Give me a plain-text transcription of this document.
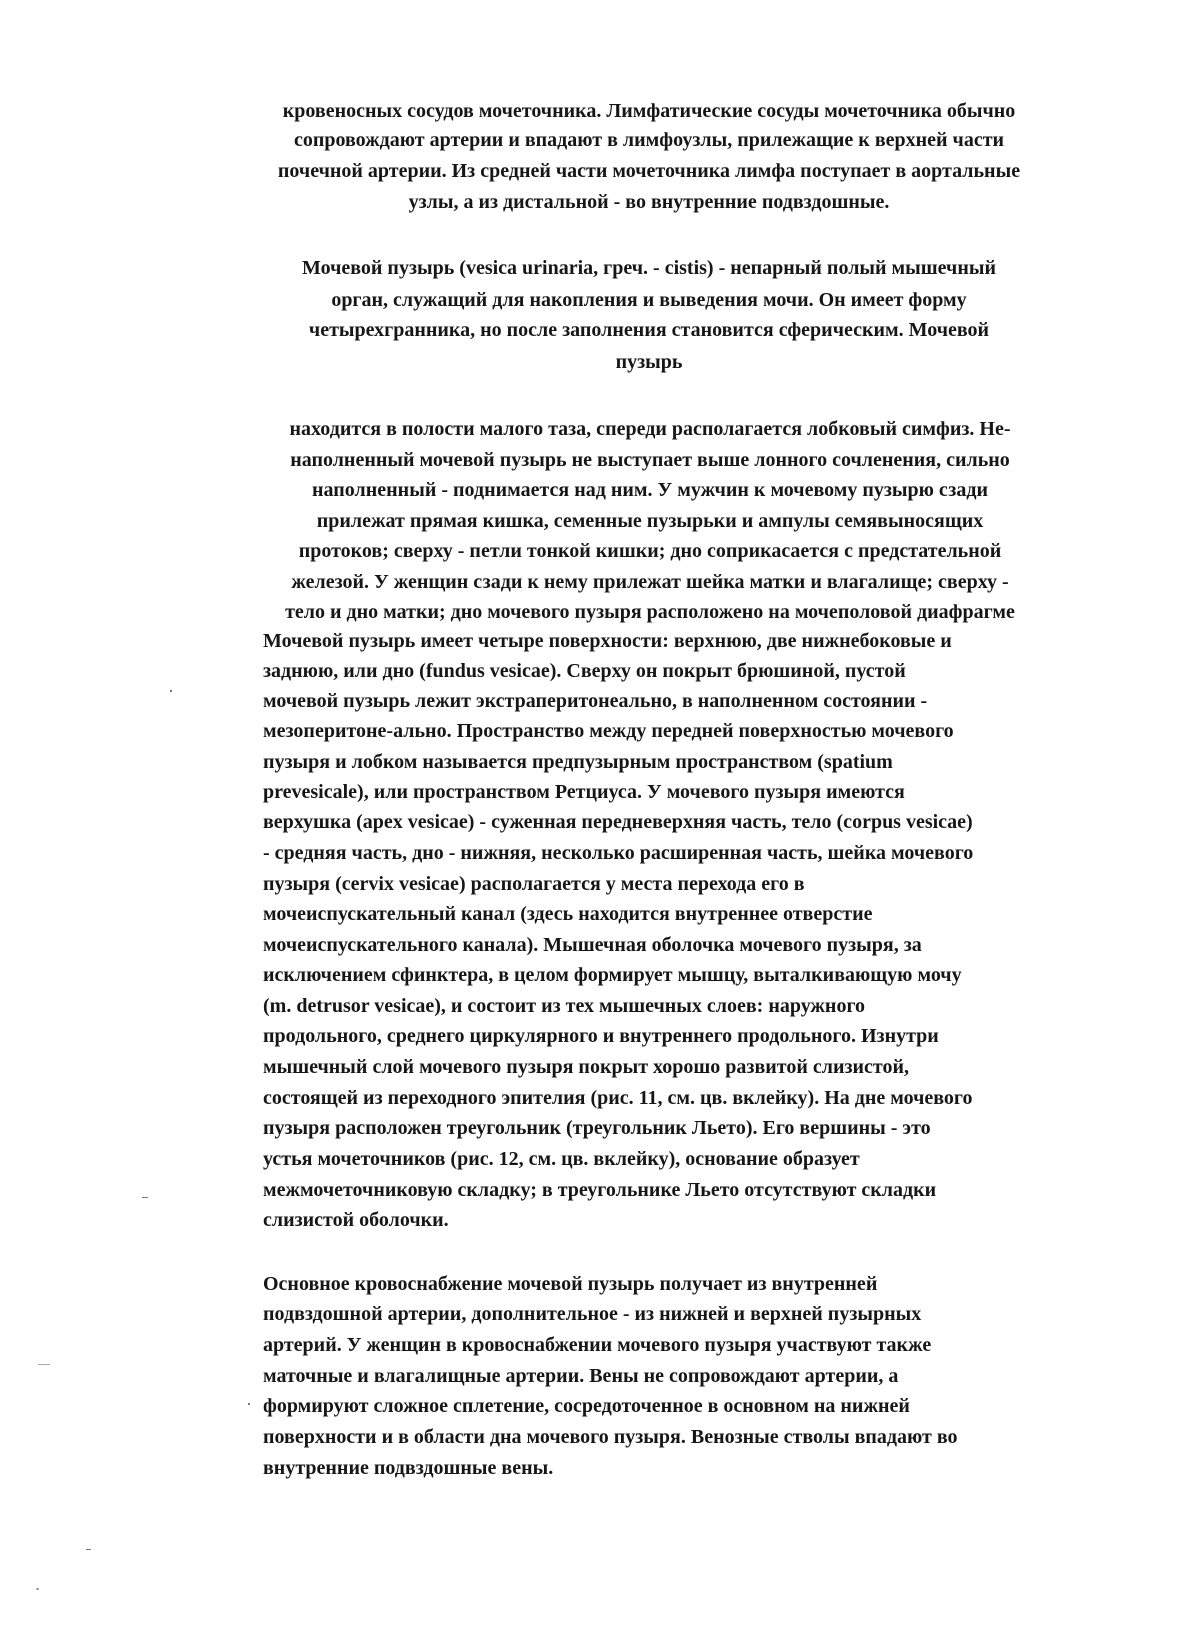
кровеносных сосудов мочеточника. Лимфатические сосуды мочеточника обычно

сопровождают артерии и впадают в лимфоузлы, прилежащие к верхней части

почечной артерии. Из средней части мочеточника лимфа поступает в аортальные

узлы, а из дистальной - во внутренние подвздошные.

Мочевой пузырь (vesica urinaria, греч. - cistis) - непарный полый мышечный

орган, служащий для накопления и выведения мочи. Он имеет форму

четырехгранника, но после заполнения становится сферическим. Мочевой

пузырь

находится в полости малого таза, спереди располагается лобковый симфиз. Не-

наполненный мочевой пузырь не выступает выше лонного сочленения, сильно

наполненный - поднимается над ним. У мужчин к мочевому пузырю сзади

прилежат прямая кишка, семенные пузырьки и ампулы семявыносящих

протоков; сверху - петли тонкой кишки; дно соприкасается с предстательной

железой. У женщин сзади к нему прилежат шейка матки и влагалище; сверху -

тело и дно матки; дно мочевого пузыря расположено на мочеполовой диафрагме

Мочевой пузырь имеет четыре поверхности: верхнюю, две нижнебоковые и

заднюю, или дно (fundus vesicae). Сверху он покрыт брюшиной, пустой

мочевой пузырь лежит экстраперитонеально, в наполненном состоянии -

мезоперитоне-ально. Пространство между передней поверхностью мочевого

пузыря и лобком называется предпузырным пространством (spatium

prevesicale), или пространством Ретциуса. У мочевого пузыря имеются

верхушка (apex vesicae) - суженная передневерхняя часть, тело (corpus vesicae)

- средняя часть, дно - нижняя, несколько расширенная часть, шейка мочевого

пузыря (cervix vesicae) располагается у места перехода его в

мочеиспускательный канал (здесь находится внутреннее отверстие

мочеиспускательного канала). Мышечная оболочка мочевого пузыря, за

исключением сфинктера, в целом формирует мышцу, выталкивающую мочу

(m. detrusor vesicae), и состоит из тех мышечных слоев: наружного

продольного, среднего циркулярного и внутреннего продольного. Изнутри

мышечный слой мочевого пузыря покрыт хорошо развитой слизистой,

состоящей из переходного эпителия (рис. 11, см. цв. вклейку). На дне мочевого

пузыря расположен треугольник (треугольник Льето). Его вершины - это

устья мочеточников (рис. 12, см. цв. вклейку), основание образует

межмочеточниковую складку; в треугольнике Льето отсутствуют складки

слизистой оболочки.

Основное кровоснабжение мочевой пузырь получает из внутренней

подвздошной артерии, дополнительное - из нижней и верхней пузырных

артерий. У женщин в кровоснабжении мочевого пузыря участвуют также

маточные и влагалищные артерии. Вены не сопровождают артерии, а

формируют сложное сплетение, сосредоточенное в основном на нижней

поверхности и в области дна мочевого пузыря. Венозные стволы впадают во

внутренние подвздошные вены.
